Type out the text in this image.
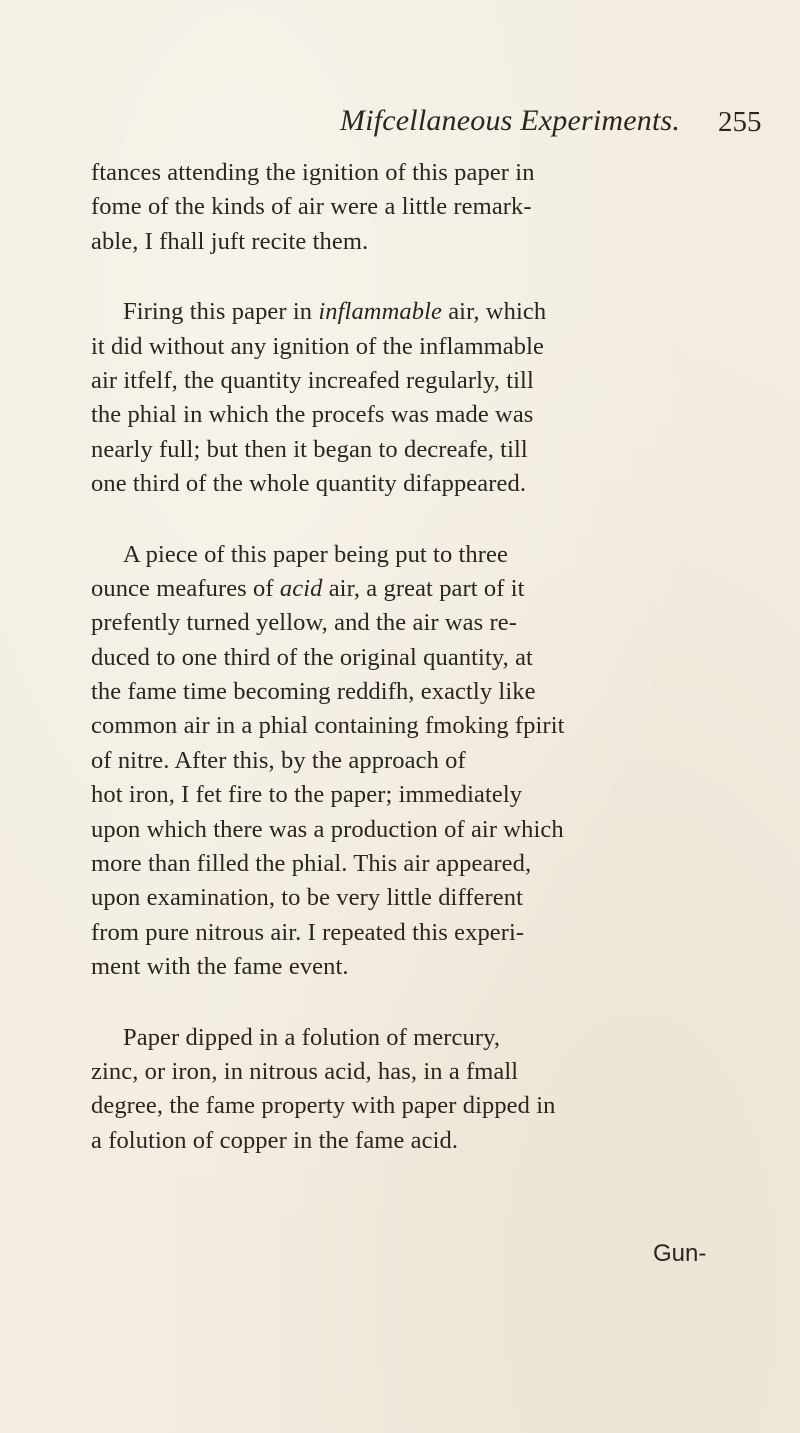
Mifcellaneous Experiments. 255
ftances attending the ignition of this paper in
fome of the kinds of air were a little remark-
able, I fhall juft recite them.
Firing this paper in inflammable air, which
it did without any ignition of the inflammable
air itfelf, the quantity increafed regularly, till
the phial in which the procefs was made was
nearly full; but then it began to decreafe, till
one third of the whole quantity difappeared.
A piece of this paper being put to three
ounce meafures of acid air, a great part of it
prefently turned yellow, and the air was re-
duced to one third of the original quantity, at
the fame time becoming reddifh, exactly like
common air in a phial containing fmoking fpirit
of nitre. After this, by the approach of
hot iron, I fet fire to the paper; immediately
upon which there was a production of air which
more than filled the phial. This air appeared,
upon examination, to be very little different
from pure nitrous air. I repeated this experi-
ment with the fame event.
Paper dipped in a folution of mercury,
zinc, or iron, in nitrous acid, has, in a fmall
degree, the fame property with paper dipped in
a folution of copper in the fame acid.
Gun-
